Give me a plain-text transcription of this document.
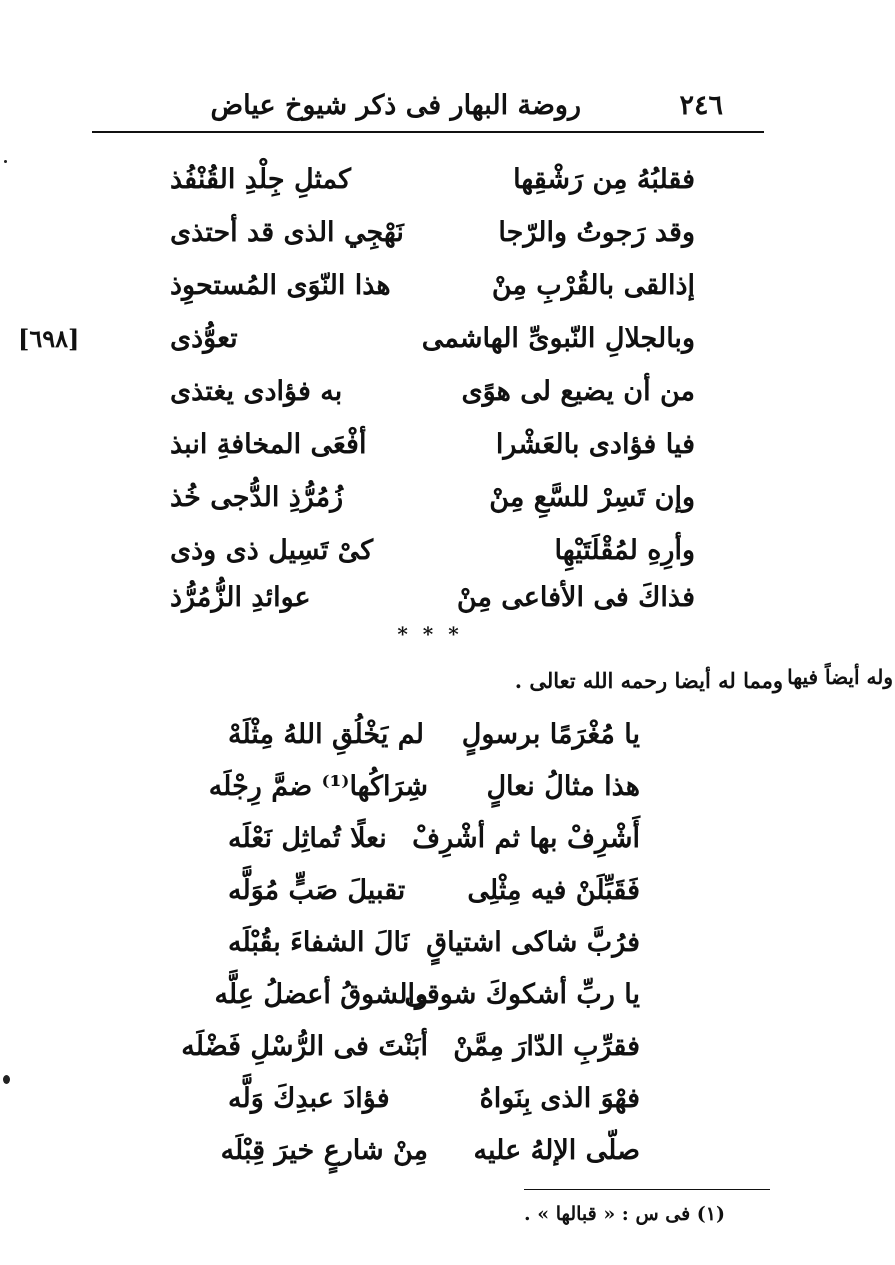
٢٤٦
روضة البهار فى ذكر شيوخ عياض
[٦٩٨]
وله أيضاً فيها
فقلبُهُ مِن رَشْقِها
كمثلِ جِلْدِ القُنْفُذ
وقد رَجوتُ والرّجا
نَهْجِي الذى قد أحتذى
إذالقى بالقُرْبِ مِنْ
هذا النّوَى المُستحوِذ
وبالجلالِ النّبوىِّ الهاشمى
تعوُّذى
من أن يضيع لى هوًى
به فؤادى يغتذى
فيا فؤادى بالعَشْرا
أفْعَى المخافةِ انبذ
وإن تَسِرْ للسَّعِ مِنْ
زُمُرُّذِ الدُّجى خُذ
وأرِهِ لمُقْلَتَيْهِا
كىْ تَسِيل ذى وذى
فذاكَ فى الأفاعى مِنْ
عوائدِ الزُّمُرُّذ
* * *
ومما له أيضا رحمه الله تعالى .
يا مُغْرَمًا برسولٍ
لم يَخْلُقِ اللهُ مِثْلَهْ
هذا مثالُ نعالٍ
شِرَاكُها⁽¹⁾ ضمَّ رِجْلَه
أَشْرِفْ بها ثم أشْرِفْ
نعلًا تُماثِل نَعْلَه
فَقَبِّلَنْ فيه مِثْلِى
تقبيلَ صَبٍّ مُوَلَّه
فرُبَّ شاكى اشتياقٍ
نَالَ الشفاءَ بقُبْلَه
يا ربِّ أشكوكَ شوقى
والشوقُ أعضلُ عِلَّه
فقرِّبِ الدّارَ مِمَّنْ
أبَنْتَ فى الرُّسْلِ فَضْلَه
فهْوَ الذى بِنَواهُ
فؤادَ عبدِكَ وَلَّه
صلّى الإلهُ عليه
مِنْ شارعٍ خيرَ قِبْلَه
(١) فى س : « قبالها » .
